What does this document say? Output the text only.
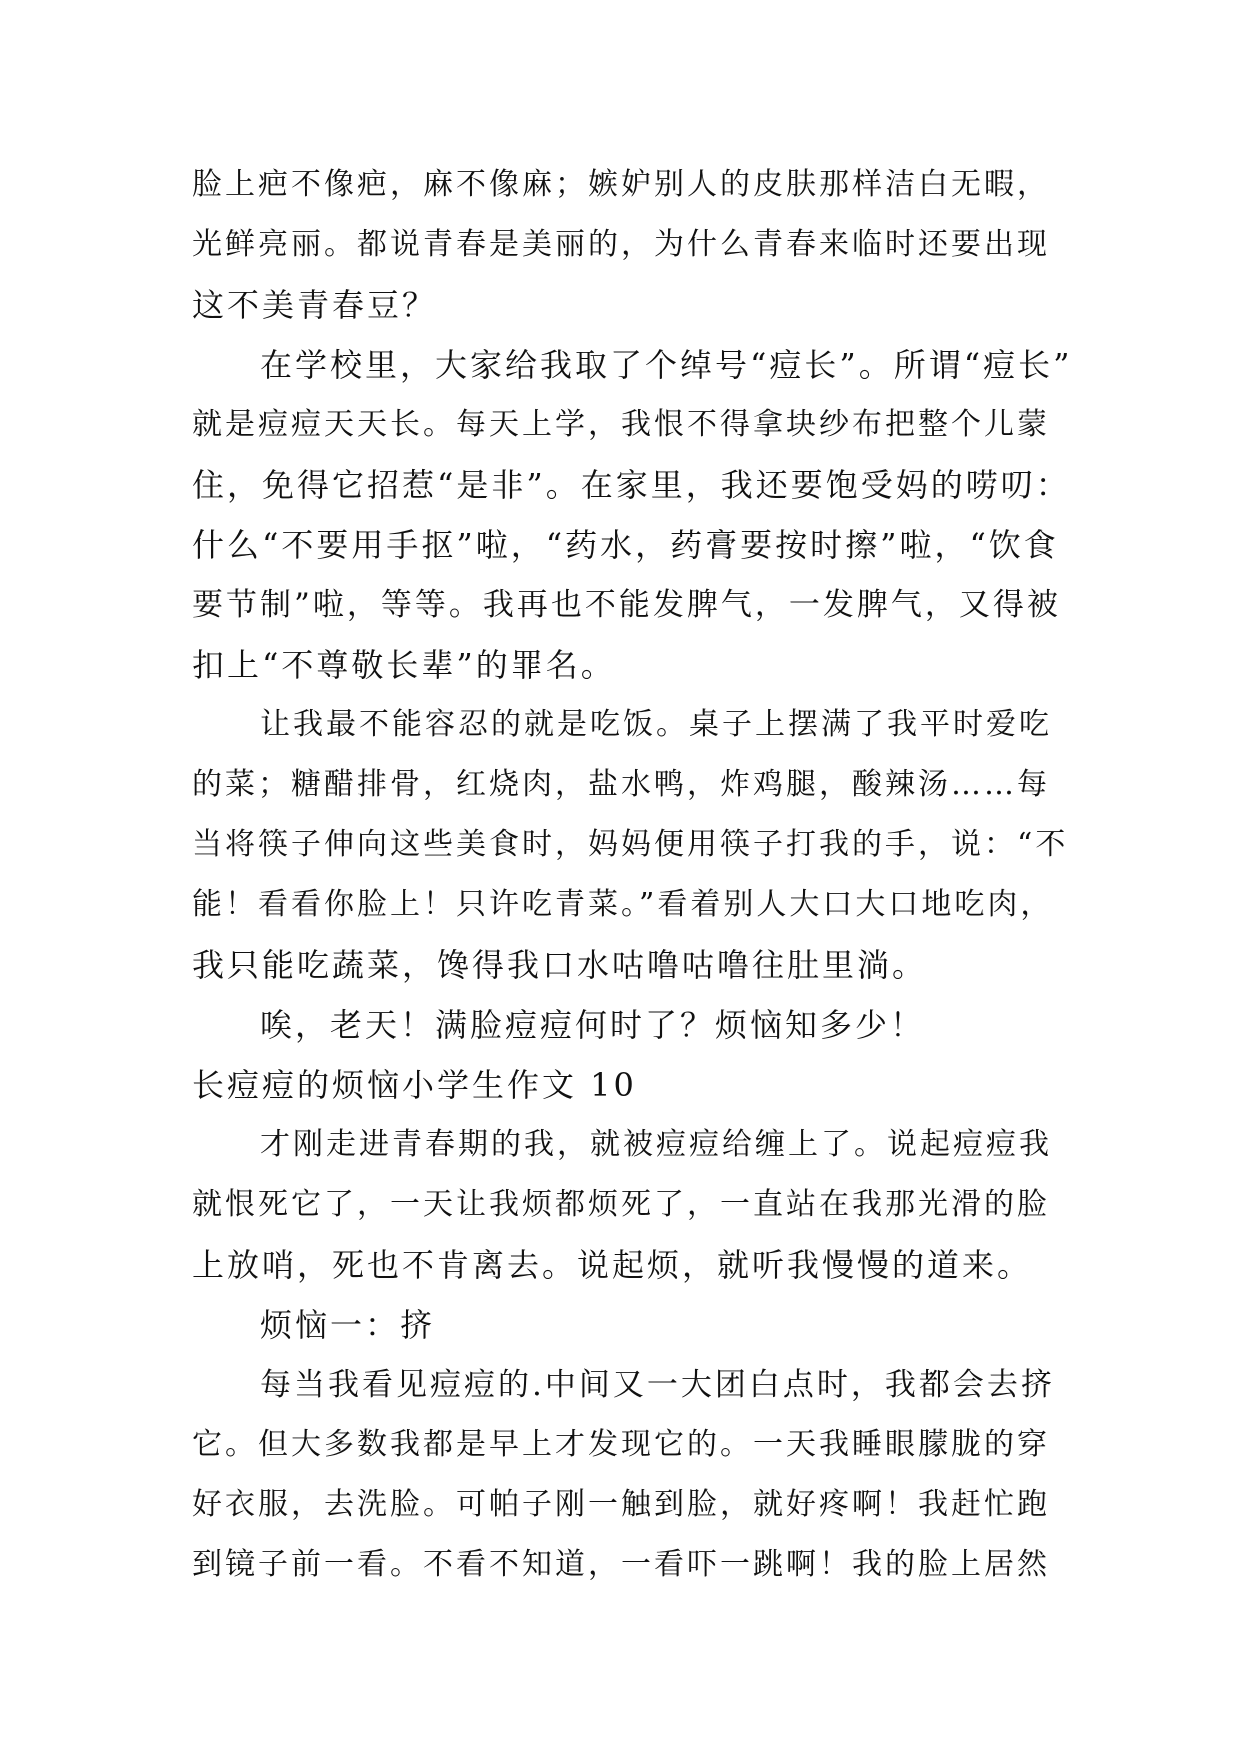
脸上疤不像疤，麻不像麻；嫉妒别人的皮肤那样洁白无暇，
光鲜亮丽。都说青春是美丽的，为什么青春来临时还要出现
这不美青春豆？
在学校里，大家给我取了个绰号“痘长”。所谓“痘长”
就是痘痘天天长。每天上学，我恨不得拿块纱布把整个儿蒙
住，免得它招惹“是非”。在家里，我还要饱受妈的唠叨：
什么“不要用手抠”啦，“药水，药膏要按时擦”啦，“饮食
要节制”啦，等等。我再也不能发脾气，一发脾气，又得被
扣上“不尊敬长辈”的罪名。
让我最不能容忍的就是吃饭。桌子上摆满了我平时爱吃
的菜；糖醋排骨，红烧肉，盐水鸭，炸鸡腿，酸辣汤……每
当将筷子伸向这些美食时，妈妈便用筷子打我的手，说：“不
能！看看你脸上！只许吃青菜。”看着别人大口大口地吃肉，
我只能吃蔬菜，馋得我口水咕噜咕噜往肚里淌。
唉，老天！满脸痘痘何时了？烦恼知多少！
长痘痘的烦恼小学生作文 10
才刚走进青春期的我，就被痘痘给缠上了。说起痘痘我
就恨死它了，一天让我烦都烦死了，一直站在我那光滑的脸
上放哨，死也不肯离去。说起烦，就听我慢慢的道来。
烦恼一：挤
每当我看见痘痘的.中间又一大团白点时，我都会去挤
它。但大多数我都是早上才发现它的。一天我睡眼朦胧的穿
好衣服，去洗脸。可帕子刚一触到脸，就好疼啊！我赶忙跑
到镜子前一看。不看不知道，一看吓一跳啊！我的脸上居然
